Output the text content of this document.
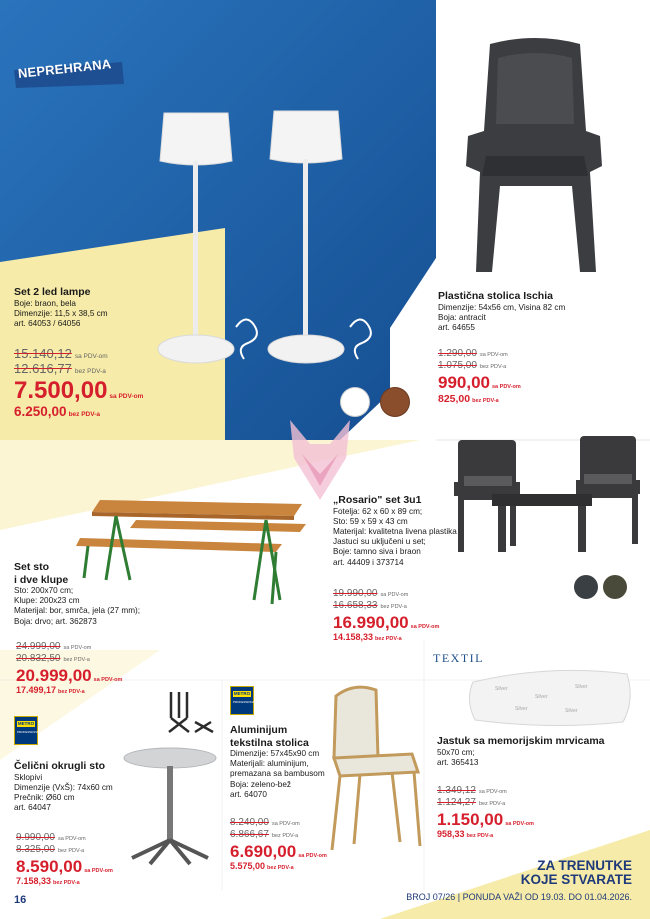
NEPREHRANA
Set 2 led lampe
Boje: braon, bela
Dimenzije: 11,5 x 38,5 cm
art. 64053 / 64056
15.140,12 sa PDV-om
12.616,77 bez PDV-a
7.500,00 sa PDV-om
6.250,00 bez PDV-a
Plastična stolica Ischia
Dimenzije: 54x56 cm, Visina 82 cm
Boja: antracit
art. 64655
1.290,00 sa PDV-om
1.075,00 bez PDV-a
990,00 sa PDV-om
825,00 bez PDV-a
„Rosario" set 3u1
Fotelja: 62 x 60 x 89 cm;
Sto: 59 x 59 x 43 cm
Materijal: kvalitetna livena plastika
Jastuci su uključeni u set;
Boje: tamno siva i braon
art. 44409 i 373714
19.990,00 sa PDV-om
16.658,33 bez PDV-a
16.990,00 sa PDV-om
14.158,33 bez PDV-a
Set sto
i dve klupe
Sto: 200x70 cm;
Klupe: 200x23 cm
Materijal: bor, smrča, jela (27 mm);
Boja: drvo; art. 362873
24.999,00 sa PDV-om
20.832,50 bez PDV-a
20.999,00 sa PDV-om
17.499,17 bez PDV-a
TEXTIL
Silver
Silver
Silver
Silver	Silver
Jastuk sa memorijskim mrvicama
50x70 cm;
art. 365413
1.349,12 sa PDV-om
1.124,27 bez PDV-a
1.150,00 sa PDV-om
958,33 bez PDV-a
METRO
PROFESSIONAL
METRO
PROFESSIONAL
Čelični okrugli sto
Sklopivi
Dimenzije (VxŠ): 74x60 cm
Prečnik: Ø60 cm
art. 64047
9.990,00 sa PDV-om
8.325,00 bez PDV-a
8.590,00 sa PDV-om
7.158,33 bez PDV-a
Aluminijum
tekstilna stolica
Dimenzije: 57x45x90 cm
Materijali: aluminijum,
premazana sa bambusom
Boja: zeleno-bež
art. 64070
8.240,00 sa PDV-om
6.866,67 bez PDV-a
6.690,00 sa PDV-om
5.575,00 bez PDV-a	ZA TRENUTKE
KOJE STVARATE
BROJ 07/26 | PONUDA VAŽI OD 19.03. DO 01.04.2026.
16
